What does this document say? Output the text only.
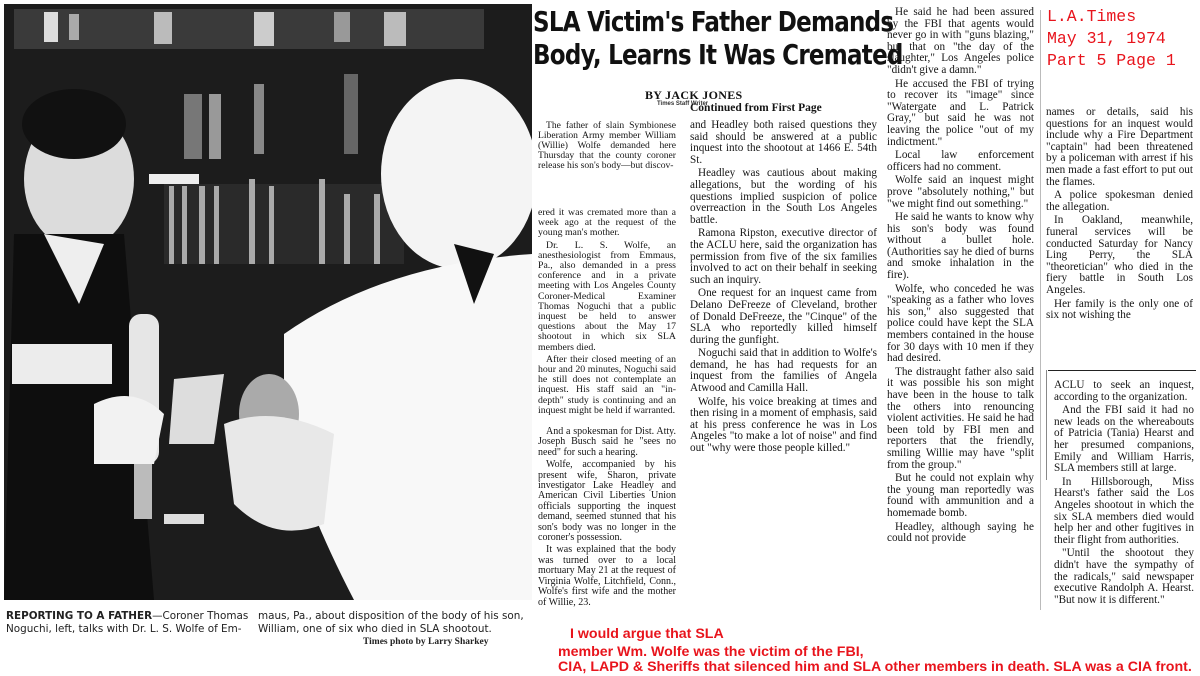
REPORTING TO A FATHER—Coroner Thomas Noguchi, left, talks with Dr. L. S. Wolfe of Em-
maus, Pa., about disposition of the body of his son, William, one of six who died in SLA shootout.
Times photo by Larry Sharkey
SLA Victim's Father Demands
Body, Learns It Was Cremated
BY JACK JONES
Times Staff Writer

The father of slain Symbionese Liberation Army member William (Willie) Wolfe demanded here Thursday that the county coroner release his son's body—but discov-

ered it was cremated more than a week ago at the request of the young man's mother.

Dr. L. S. Wolfe, an anesthesiologist from Emmaus, Pa., also demanded in a press conference and in a private meeting with Los Angeles County Coroner-Medical Examiner Thomas Noguchi that a public inquest be held to answer questions about the May 17 shootout in which six SLA members died.

After their closed meeting of an hour and 20 minutes, Noguchi said he still does not contemplate an inquest. His staff said an "in-depth" study is continuing and an inquest might be held if warranted.

And a spokesman for Dist. Atty. Joseph Busch said he "sees no need" for such a hearing.

Wolfe, accompanied by his present wife, Sharon, private investigator Lake Headley and American Civil Liberties Union officials supporting the inquest demand, seemed stunned that his son's body was no longer in the coroner's possession.

It was explained that the body was turned over to a local mortuary May 21 at the request of Virginia Wolfe, Litchfield, Conn., Wolfe's first wife and the mother of Willie, 23.

Continued from First Page

and Headley both raised questions they said should be answered at a public inquest into the shootout at 1466 E. 54th St.

Headley was cautious about making allegations, but the wording of his questions implied suspicion of police overreaction in the South Los Angeles battle.

Ramona Ripston, executive director of the ACLU here, said the organization has permission from five of the six families involved to act on their behalf in seeking such an inquiry.

One request for an inquest came from Delano DeFreeze of Cleveland, brother of Donald DeFreeze, the "Cinque" of the SLA who reportedly killed himself during the gunfight.

Noguchi said that in addition to Wolfe's demand, he has had requests for an inquest from the families of Angela Atwood and Camilla Hall.

Wolfe, his voice breaking at times and then rising in a moment of emphasis, said at his press conference he was in Los Angeles "to make a lot of noise" and find out "why were those people killed."

He said he had been assured by the FBI that agents would never go in with "guns blazing," but that on "the day of the slaughter," Los Angeles police "didn't give a damn."

He accused the FBI of trying to recover its "image" since "Watergate and L. Patrick Gray," but said he was not leaving the police "out of my indictment."

Local law enforcement officers had no comment.

Wolfe said an inquest might prove "absolutely nothing," but "we might find out something."

He said he wants to know why his son's body was found without a bullet hole. (Authorities say he died of burns and smoke inhalation in the fire).

Wolfe, who conceded he was "speaking as a father who loves his son," also suggested that police could have kept the SLA members contained in the house for 30 days with 10 men if they had desired.

The distraught father also said it was possible his son might have been in the house to talk the others into renouncing violent activities. He said he had been told by FBI men and reporters that the friendly, smiling Willie may have "split from the group."

But he could not explain why the young man reportedly was found with ammunition and a homemade bomb.

Headley, although saying he could not provide

L.A.Times
May 31, 1974
Part 5 Page 1

names or details, said his questions for an inquest would include why a Fire Department "captain" had been threatened by a policeman with arrest if his men made a fast effort to put out the flames.

A police spokesman denied the allegation.

In Oakland, meanwhile, funeral services will be conducted Saturday for Nancy Ling Perry, the SLA "theoretician" who died in the fiery battle in South Los Angeles.

Her family is the only one of six not wishing the

ACLU to seek an inquest, according to the organization.

And the FBI said it had no new leads on the whereabouts of Patricia (Tania) Hearst and her presumed companions, Emily and William Harris, SLA members still at large.

In Hillsborough, Miss Hearst's father said the Los Angeles shootout in which the six SLA members died would help her and other fugitives in their flight from authorities.

"Until the shootout they didn't have the sympathy of the radicals," said newspaper executive Randolph A. Hearst. "But now it is different."

I would argue that SLA
member Wm. Wolfe was the victim of the FBI,
CIA, LAPD & Sheriffs that silenced him and SLA other members in death. SLA was a CIA front.
